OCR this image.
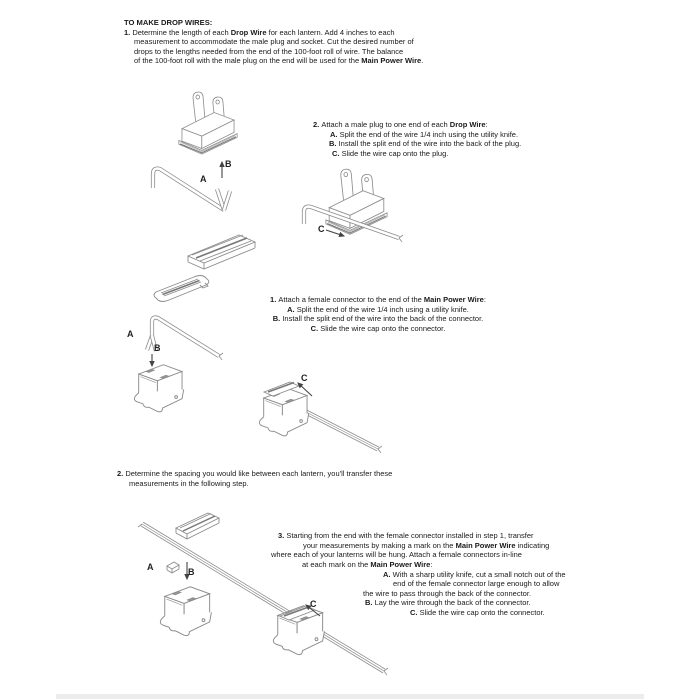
TO MAKE DROP WIRES:
1. Determine the length of each Drop Wire for each lantern. Add 4 inches to each
measurement to accommodate the male plug and socket. Cut the desired number of
drops to the lengths needed from the end of the 100-foot roll of wire. The balance
of the 100-foot roll with the male plug on the end will be used for the Main Power Wire.
2. Attach a male plug to one end of each Drop Wire:
A. Split the end of the wire 1/4 inch using the utility knife.
B. Install the split end of the wire into the back of the plug.
C. Slide the wire cap onto the plug.
1. Attach a female connector to the end of the Main Power Wire:
A. Split the end of the wire 1/4 inch using a utility knife.
B. Install the split end of the wire into the back of the connector.
C. Slide the wire cap onto the connector.
2. Determine the spacing you would like between each lantern, you'll transfer these
measurements in the following step.
3. Starting from the end with the female connector installed in step 1, transfer
your measurements by making a mark on the Main Power Wire indicating
where each of your lanterns will be hung. Attach a female connectors in-line
at each mark on the Main Power Wire:
A. With a sharp utility knife, cut a small notch out of the
end of the female connector large enough to allow
the wire to pass through the back of the connector.
B. Lay the wire through the back of the connector.
C. Slide the wire cap onto the connector.
A
B
C
A
B
C
A	B
C
